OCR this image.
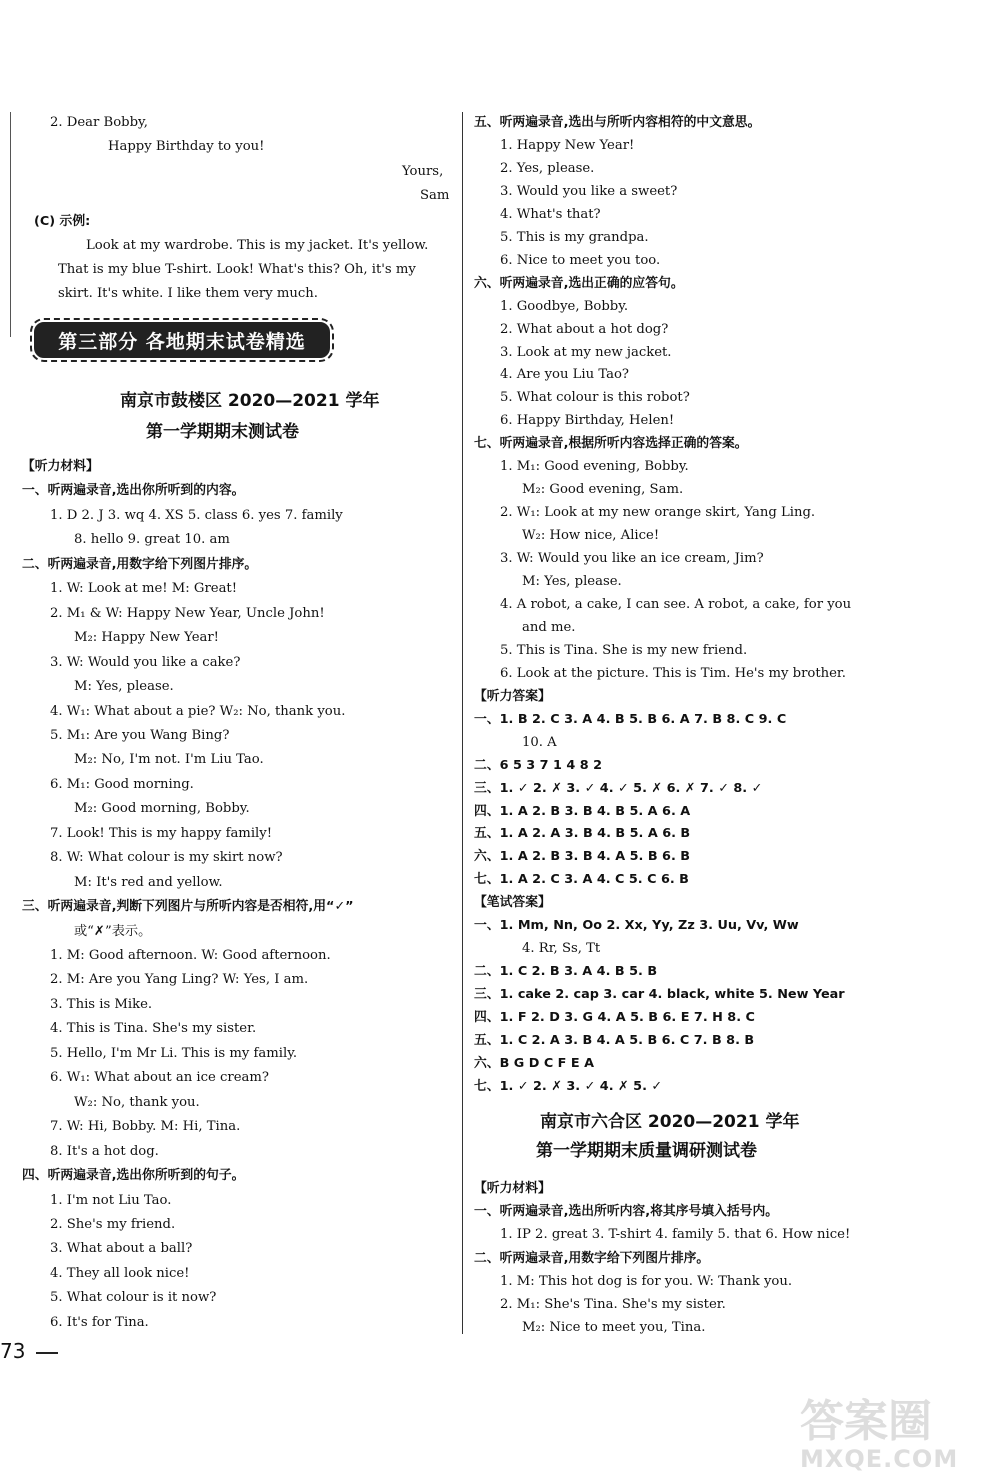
2. Dear Bobby,
Happy Birthday to you!
Yours,
Sam
(C) 示例:
Look at my wardrobe. This is my jacket. It's yellow.
That is my blue T-shirt. Look! What's this? Oh, it's my
skirt. It's white. I like them very much.
第三部分 各地期末试卷精选
南京市鼓楼区 2020—2021 学年
第一学期期末测试卷
【听力材料】
一、听两遍录音,选出你所听到的内容。
1. D 2. J 3. wq 4. XS 5. class 6. yes 7. family
8. hello 9. great 10. am
二、听两遍录音,用数字给下列图片排序。
1. W: Look at me! M: Great!
2. M₁ & W: Happy New Year, Uncle John!
M₂: Happy New Year!
3. W: Would you like a cake?
M: Yes, please.
4. W₁: What about a pie? W₂: No, thank you.
5. M₁: Are you Wang Bing?
M₂: No, I'm not. I'm Liu Tao.
6. M₁: Good morning.
M₂: Good morning, Bobby.
7. Look! This is my happy family!
8. W: What colour is my skirt now?
M: It's red and yellow.
三、听两遍录音,判断下列图片与所听内容是否相符,用“✓”
或“✗”表示。
1. M: Good afternoon. W: Good afternoon.
2. M: Are you Yang Ling? W: Yes, I am.
3. This is Mike.
4. This is Tina. She's my sister.
5. Hello, I'm Mr Li. This is my family.
6. W₁: What about an ice cream?
W₂: No, thank you.
7. W: Hi, Bobby. M: Hi, Tina.
8. It's a hot dog.
四、听两遍录音,选出你所听到的句子。
1. I'm not Liu Tao.
2. She's my friend.
3. What about a ball?
4. They all look nice!
5. What colour is it now?
6. It's for Tina.
五、听两遍录音,选出与所听内容相符的中文意思。
1. Happy New Year!
2. Yes, please.
3. Would you like a sweet?
4. What's that?
5. This is my grandpa.
6. Nice to meet you too.
六、听两遍录音,选出正确的应答句。
1. Goodbye, Bobby.
2. What about a hot dog?
3. Look at my new jacket.
4. Are you Liu Tao?
5. What colour is this robot?
6. Happy Birthday, Helen!
七、听两遍录音,根据所听内容选择正确的答案。
1. M₁: Good evening, Bobby.
M₂: Good evening, Sam.
2. W₁: Look at my new orange skirt, Yang Ling.
W₂: How nice, Alice!
3. W: Would you like an ice cream, Jim?
M: Yes, please.
4. A robot, a cake, I can see. A robot, a cake, for you
and me.
5. This is Tina. She is my new friend.
6. Look at the picture. This is Tim. He's my brother.
【听力答案】
一、1. B 2. C 3. A 4. B 5. B 6. A 7. B 8. C 9. C
10. A
二、6 5 3 7 1 4 8 2
三、1. ✓ 2. ✗ 3. ✓ 4. ✓ 5. ✗ 6. ✗ 7. ✓ 8. ✓
四、1. A 2. B 3. B 4. B 5. A 6. A
五、1. A 2. A 3. B 4. B 5. A 6. B
六、1. A 2. B 3. B 4. A 5. B 6. B
七、1. A 2. C 3. A 4. C 5. C 6. B
【笔试答案】
一、1. Mm, Nn, Oo 2. Xx, Yy, Zz 3. Uu, Vv, Ww
4. Rr, Ss, Tt
二、1. C 2. B 3. A 4. B 5. B
三、1. cake 2. cap 3. car 4. black, white 5. New Year
四、1. F 2. D 3. G 4. A 5. B 6. E 7. H 8. C
五、1. C 2. A 3. B 4. A 5. B 6. C 7. B 8. B
六、B G D C F E A
七、1. ✓ 2. ✗ 3. ✓ 4. ✗ 5. ✓
南京市六合区 2020—2021 学年
第一学期期末质量调研测试卷
【听力材料】
一、听两遍录音,选出所听内容,将其序号填入括号内。
1. IP 2. great 3. T-shirt 4. family 5. that 6. How nice!
二、听两遍录音,用数字给下列图片排序。
1. M: This hot dog is for you. W: Thank you.
2. M₁: She's Tina. She's my sister.
M₂: Nice to meet you, Tina.
73
答案圈
MXQE.COM
